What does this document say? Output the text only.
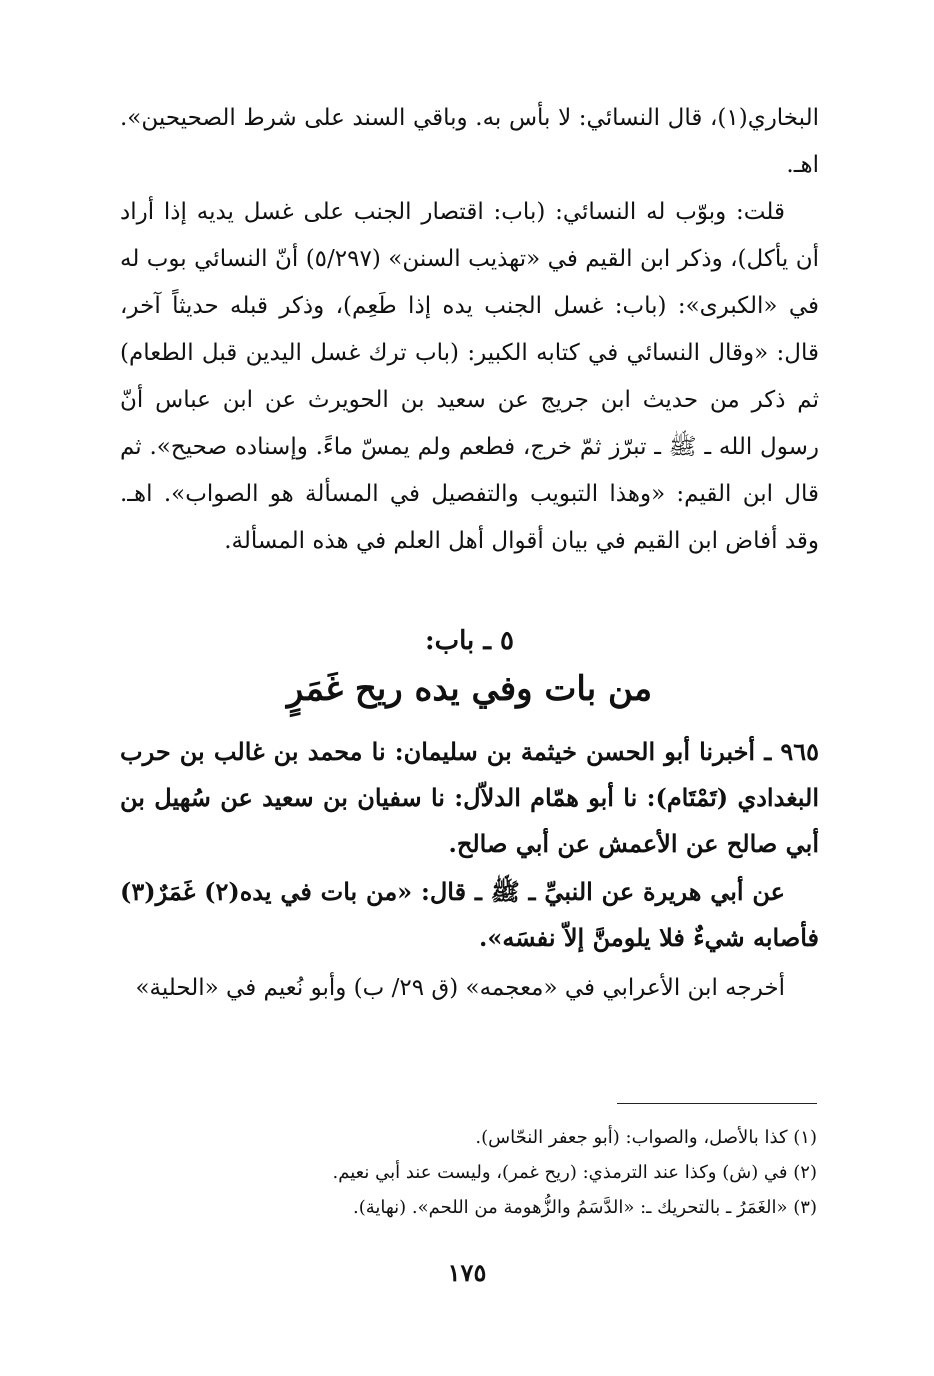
البخاري(١)، قال النسائي: لا بأس به. وباقي السند على شرط الصحيحين». اهـ.

قلت: وبوّب له النسائي: (باب: اقتصار الجنب على غسل يديه إذا أراد أن يأكل)، وذكر ابن القيم في «تهذيب السنن» (٥/٢٩٧) أنّ النسائي بوب له في «الكبرى»: (باب: غسل الجنب يده إذا طَعِم)، وذكر قبله حديثاً آخر، قال: «وقال النسائي في كتابه الكبير: (باب ترك غسل اليدين قبل الطعام) ثم ذكر من حديث ابن جريج عن سعيد بن الحويرث عن ابن عباس أنّ رسول الله ـ ﷺ ـ تبرّز ثمّ خرج، فطعم ولم يمسّ ماءً. وإسناده صحيح». ثم قال ابن القيم: «وهذا التبويب والتفصيل في المسألة هو الصواب». اهـ. وقد أفاض ابن القيم في بيان أقوال أهل العلم في هذه المسألة.

٥ ـ باب:
من بات وفي يده ريح غَمَرٍ

٩٦٥ ـ أخبرنا أبو الحسن خيثمة بن سليمان: نا محمد بن غالب بن حرب البغدادي (تَمْتَام): نا أبو همّام الدلاّل: نا سفيان بن سعيد عن سُهيل بن أبي صالح عن الأعمش عن أبي صالح.

عن أبي هريرة عن النبيِّ ـ ﷺ ـ قال: «من بات في يده(٢) غَمَرٌ(٣) فأصابه شيءٌ فلا يلومنَّ إلاّ نفسَه».

أخرجه ابن الأعرابي في «معجمه» (ق ٢٩/ ب) وأبو نُعيم في «الحلية»

(١) كذا بالأصل، والصواب: (أبو جعفر النحّاس).
(٢) في (ش) وكذا عند الترمذي: (ريح غمر)، وليست عند أبي نعيم.
(٣) «الغَمَرُ ـ بالتحريك ـ: «الدَّسَمُ والزُّهومة من اللحم». (نهاية).
١٧٥
